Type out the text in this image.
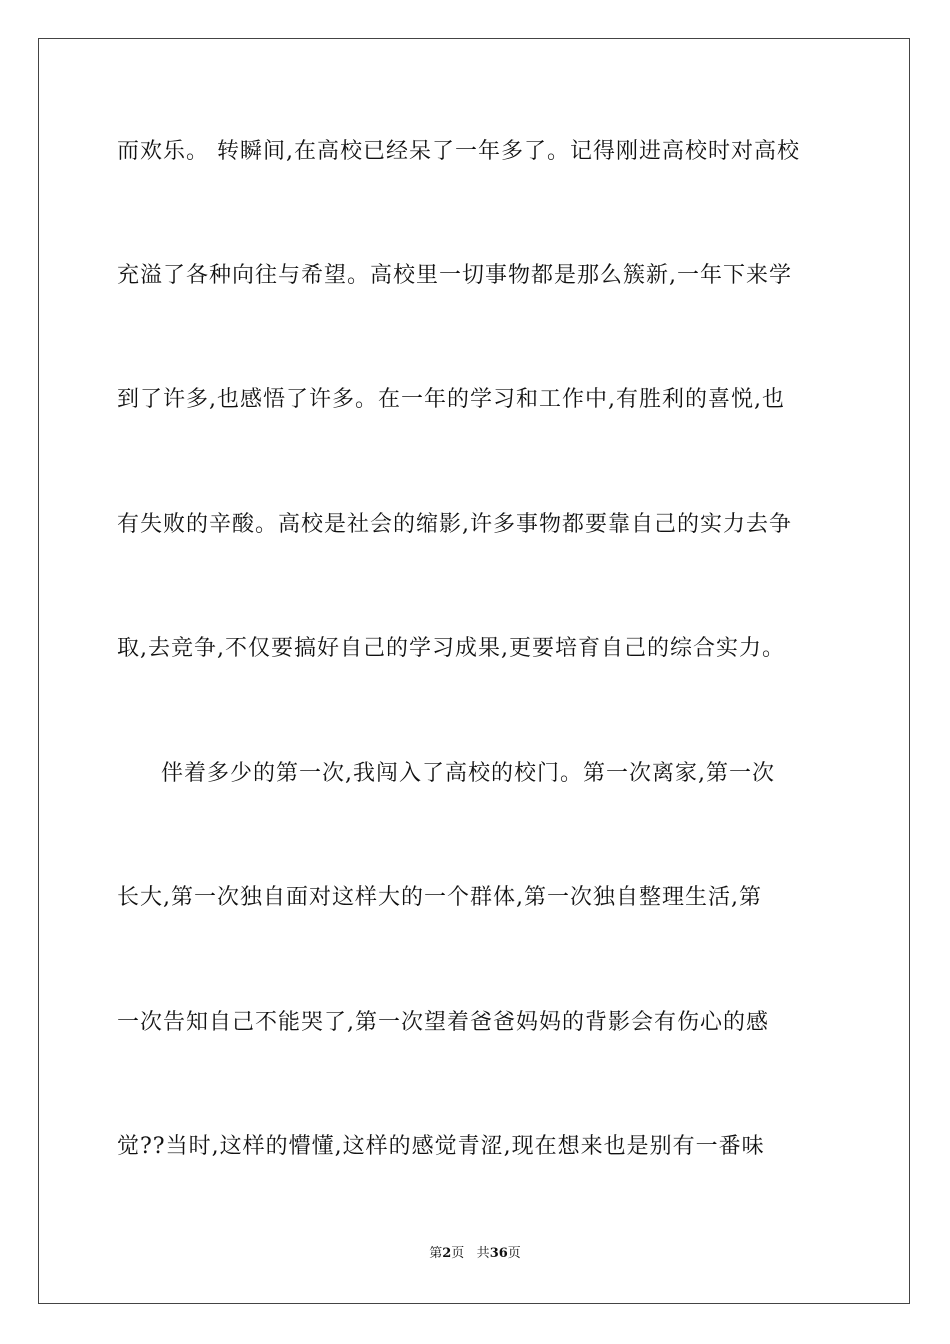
而欢乐。 转瞬间,在高校已经呆了一年多了。记得刚进高校时对高校
充溢了各种向往与希望。高校里一切事物都是那么簇新,一年下来学
到了许多,也感悟了许多。在一年的学习和工作中,有胜利的喜悦,也
有失败的辛酸。高校是社会的缩影,许多事物都要靠自己的实力去争
取,去竞争,不仅要搞好自己的学习成果,更要培育自己的综合实力。
伴着多少的第一次,我闯入了高校的校门。第一次离家,第一次
长大,第一次独自面对这样大的一个群体,第一次独自整理生活,第
一次告知自己不能哭了,第一次望着爸爸妈妈的背影会有伤心的感
觉??当时,这样的懵懂,这样的感觉青涩,现在想来也是别有一番味
第2页 共36页
